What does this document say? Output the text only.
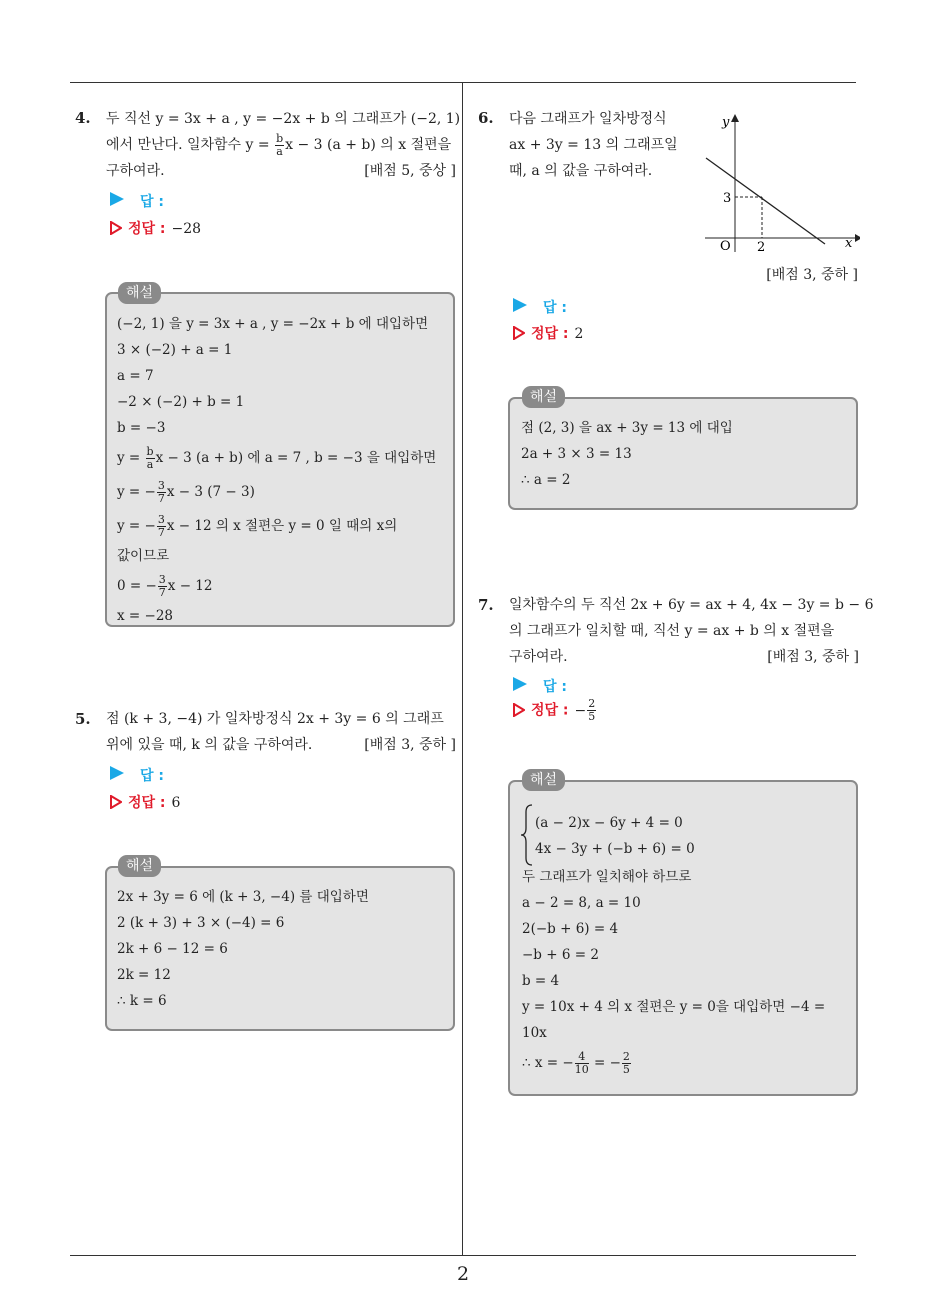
2
4. 두 직선 y = 3x + a , y = −2x + b 의 그래프가 (−2, 1)
에서 만난다. 일차함수 $y = \frac{b}{a}$ x − 3 (a + b) 의 x 절편을
구하여라.	[배점 5, 중상 ]
답 :
정답 : −28
해설
(−2, 1) 을 y = 3x + a , y = −2x + b 에 대입하면
3 × (−2) + a = 1
a = 7
−2 × (−2) + b = 1
b = −3
$y = \frac{b}{a}$ x − 3 (a + b) 에 a = 7 , b = −3 을 대입하면
y = − $\frac{3}{7}$ x − 3 (7 − 3)
y = − $\frac{3}{7}$ x − 12 의 x 절편은 y = 0 일 때의 x의
값이므로
0 = − $\frac{3}{7}$ x − 12
x = −28
5. 점 (k + 3, −4) 가 일차방정식 2x + 3y = 6 의 그래프
위에 있을 때, k 의 값을 구하여라.	[배점 3, 중하 ]
답 :
정답 : 6
해설
2x + 3y = 6 에 (k + 3, −4) 를 대입하면
2 (k + 3) + 3 × (−4) = 6
2k + 6 − 12 = 6
2k = 12
∴ k = 6
6. 다음 그래프가 일차방정식
ax + 3y = 13 의 그래프일
때, a 의 값을 구하여라.
y
x
O
3
2
[배점 3, 중하 ]
답 :
정답 : 2
해설
점 (2, 3) 을 ax + 3y = 13 에 대입
2a + 3 × 3 = 13
∴ a = 2
7. 일차함수의 두 직선 2x + 6y = ax + 4, 4x − 3y = b − 6
의 그래프가 일치할 때, 직선 y = ax + b 의 x 절편을
구하여라.	[배점 3, 중하 ]
답 :
정답 : − $\frac{2}{5}$
해설
(a − 2)x − 6y + 4 = 0
4x − 3y + (−b + 6) = 0
두 그래프가 일치해야 하므로
a − 2 = 8, a = 10
2(−b + 6) = 4
−b + 6 = 2
b = 4
y = 10x + 4 의 x 절편은 y = 0을 대입하면 −4 =
10x
∴ x = − $\frac{4}{10}$ = − $\frac{2}{5}$
